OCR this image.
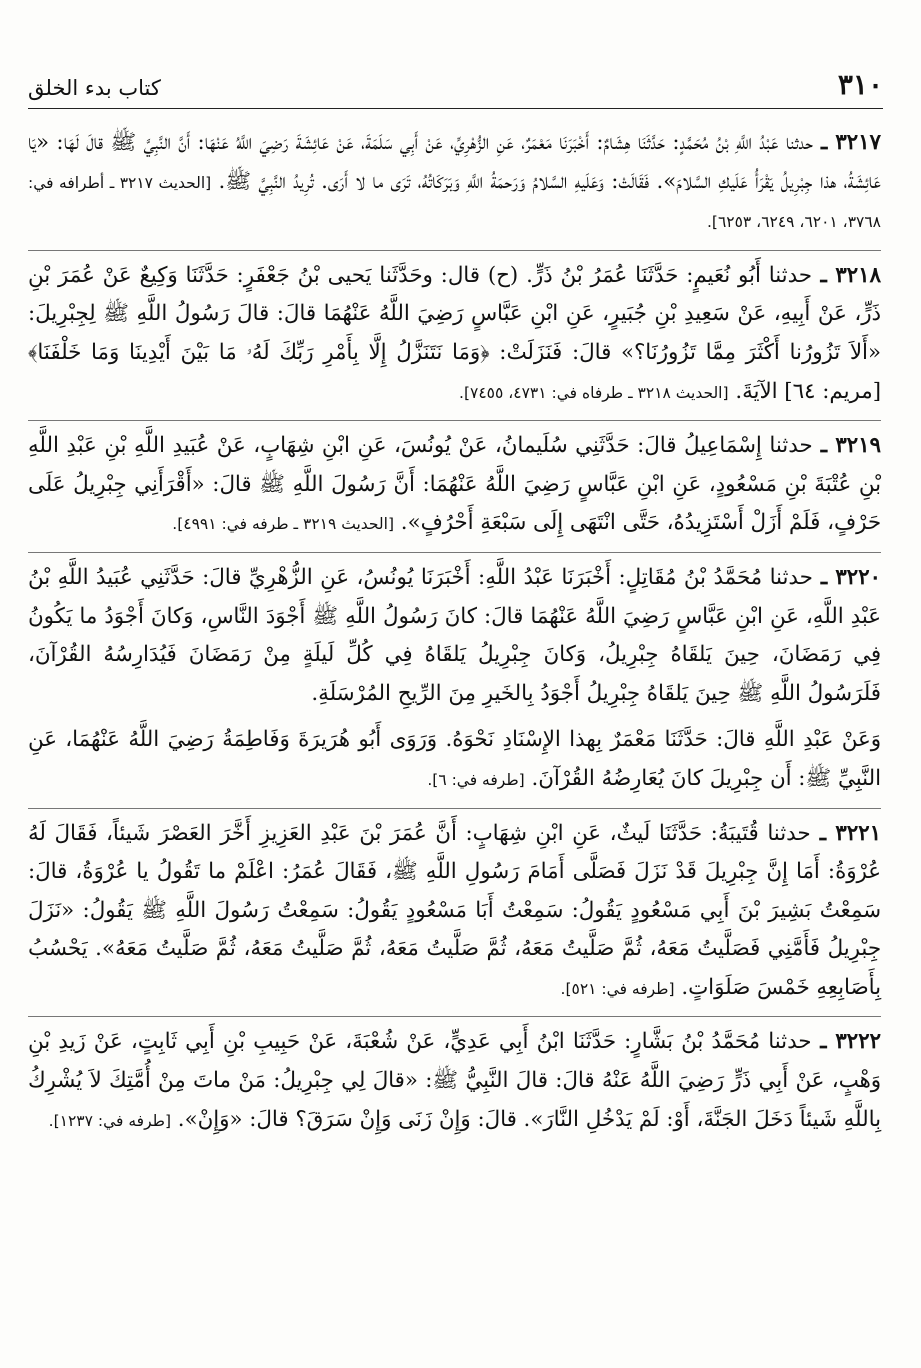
٣١٠
كتاب بدء الخلق

٣٢١٧ ـ حدثنا عَبْدُ اللَّهِ بْنُ مُحَمَّدٍ: حَدَّثَنَا هِشَامٌ: أَخْبَرَنَا مَعْمَرٌ، عَنِ الزُّهْرِيِّ، عَنْ أَبِي سَلَمَةَ، عَنْ عَائِشَةَ رَضِيَ اللَّهُ عَنْهَا: أَنَّ النَّبِيَّ ﷺ قالَ لَهَا: «يَا عَائِشَةُ، هذا جِبْرِيلُ يَقْرَأُ عَلَيكِ السَّلامَ». فَقَالَتْ: وَعَلَيهِ السَّلامُ وَرَحمَةُ اللَّهِ وَبَرَكَاتُهُ، تَرَى ما لا أَرَى. تُرِيدُ النَّبِيَّ ﷺ. [الحديث ٣٢١٧ ـ أطرافه في: ٣٧٦٨، ٦٢٠١، ٦٢٤٩، ٦٢٥٣].

٣٢١٨ ـ حدثنا أَبُو نُعَيمٍ: حَدَّثَنَا عُمَرُ بْنُ ذَرٍّ. (ح) قال: وحَدَّثَنا يَحيى بْنُ جَعْفَرٍ: حَدَّثَنَا وَكِيعٌ عَنْ عُمَرَ بْنِ ذَرٍّ، عَنْ أَبِيهِ، عَنْ سَعِيدِ بْنِ جُبَيرٍ، عَنِ ابْنِ عَبَّاسٍ رَضِيَ اللَّهُ عَنْهُمَا قالَ: قالَ رَسُولُ اللَّهِ ﷺ لِجِبْرِيلَ: «أَلاَ تَزُورُنا أَكْثَرَ مِمَّا تَزُورُنَا؟» قالَ: فَنَزَلَتْ: ﴿وَمَا نَتَنَزَّلُ إِلَّا بِأَمْرِ رَبِّكَ لَهُۥ مَا بَيْنَ أَيْدِينَا وَمَا خَلْفَنَا﴾ [مريم: ٦٤] الآيَةَ. [الحديث ٣٢١٨ ـ طرفاه في: ٤٧٣١، ٧٤٥٥].

٣٢١٩ ـ حدثنا إِسْمَاعِيلُ قالَ: حَدَّثَنِي سُلَيمانُ، عَنْ يُونُسَ، عَنِ ابْنِ شِهَابٍ، عَنْ عُبَيدِ اللَّهِ بْنِ عَبْدِ اللَّهِ بْنِ عُتْبَةَ بْنِ مَسْعُودٍ، عَنِ ابْنِ عَبَّاسٍ رَضِيَ اللَّهُ عَنْهُمَا: أَنَّ رَسُولَ اللَّهِ ﷺ قالَ: «أَقْرَأَنِي جِبْرِيلُ عَلَى حَرْفٍ، فَلَمْ أَزَلْ أَسْتَزِيدُهُ، حَتَّى انْتَهَى إِلَى سَبْعَةِ أَحْرُفٍ». [الحديث ٣٢١٩ ـ طرفه في: ٤٩٩١].

٣٢٢٠ ـ حدثنا مُحَمَّدُ بْنُ مُقَاتِلٍ: أَخْبَرَنَا عَبْدُ اللَّهِ: أَخْبَرَنَا يُونُسُ، عَنِ الزُّهْرِيِّ قالَ: حَدَّثَنِي عُبَيدُ اللَّهِ بْنُ عَبْدِ اللَّهِ، عَنِ ابْنِ عَبَّاسٍ رَضِيَ اللَّهُ عَنْهُمَا قالَ: كانَ رَسُولُ اللَّهِ ﷺ أَجْوَدَ النَّاسِ، وَكانَ أَجْوَدُ ما يَكُونُ فِي رَمَضَانَ، حِينَ يَلقَاهُ جِبْرِيلُ، وَكانَ جِبْرِيلُ يَلقَاهُ فِي كُلِّ لَيلَةٍ مِنْ رَمَضَانَ فَيُدَارِسُهُ القُرْآنَ، فَلَرَسُولُ اللَّهِ ﷺ حِينَ يَلقَاهُ جِبْرِيلُ أَجْوَدُ بِالخَيرِ مِنَ الرِّيحِ المُرْسَلَةِ.

وَعَنْ عَبْدِ اللَّهِ قالَ: حَدَّثَنَا مَعْمَرٌ بِهذا الإِسْنَادِ نَحْوَهُ. وَرَوَى أَبُو هُرَيرَةَ وَفَاطِمَةُ رَضِيَ اللَّهُ عَنْهُمَا، عَنِ النَّبِيِّ ﷺ: أَن جِبْرِيلَ كانَ يُعَارِضُهُ القُرْآنَ. [طرفه في: ٦].

٣٢٢١ ـ حدثنا قُتَيبَةُ: حَدَّثَنَا لَيثٌ، عَنِ ابْنِ شِهَابٍ: أَنَّ عُمَرَ بْنَ عَبْدِ العَزِيزِ أَخَّرَ العَصْرَ شَيئاً، فَقَالَ لَهُ عُرْوَةُ: أَمَا إِنَّ جِبْرِيلَ قَدْ نَزَلَ فَصَلَّى أَمَامَ رَسُولِ اللَّهِ ﷺ، فَقَالَ عُمَرُ: اعْلَمْ ما تَقُولُ يا عُرْوَةُ، قالَ: سَمِعْتُ بَشِيرَ بْنَ أَبِي مَسْعُودٍ يَقُولُ: سَمِعْتُ أَبَا مَسْعُودٍ يَقُولُ: سَمِعْتُ رَسُولَ اللَّهِ ﷺ يَقُولُ: «نَزَلَ جِبْرِيلُ فَأَمَّنِي فَصَلَّيتُ مَعَهُ، ثُمَّ صَلَّيتُ مَعَهُ، ثُمَّ صَلَّيتُ مَعَهُ، ثُمَّ صَلَّيتُ مَعَهُ، ثُمَّ صَلَّيتُ مَعَهُ». يَحْسُبُ بِأَصَابِعِهِ خَمْسَ صَلَوَاتٍ. [طرفه في: ٥٢١].

٣٢٢٢ ـ حدثنا مُحَمَّدُ بْنُ بَشَّارٍ: حَدَّثَنَا ابْنُ أَبِي عَدِيٍّ، عَنْ شُعْبَةَ، عَنْ حَبِيبِ بْنِ أَبِي ثَابِتٍ، عَنْ زَيدِ بْنِ وَهْبٍ، عَنْ أَبِي ذَرٍّ رَضِيَ اللَّهُ عَنْهُ قالَ: قالَ النَّبِيُّ ﷺ: «قالَ لِي جِبْرِيلُ: مَنْ ماتَ مِنْ أُمَّتِكَ لاَ يُشْرِكُ بِاللَّهِ شَيئاً دَخَلَ الجَنَّةَ، أَوْ: لَمْ يَدْخُلِ النَّارَ». قالَ: وَإِنْ زَنَى وَإِنْ سَرَقَ؟ قالَ: «وَإِنْ». [طرفه في: ١٢٣٧].
